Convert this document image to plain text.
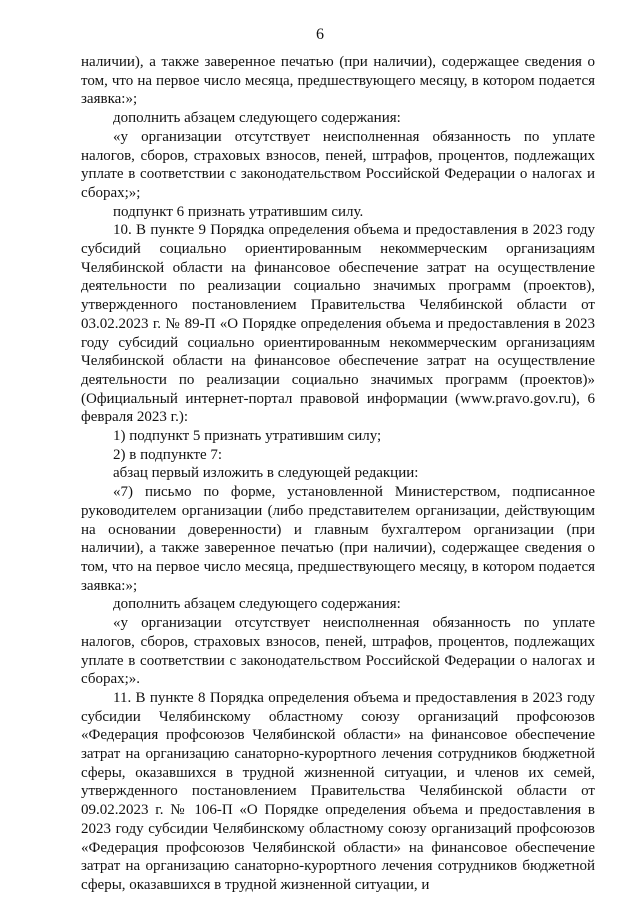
6

наличии), а также заверенное печатью (при наличии), содержащее сведения о том, что на первое число месяца, предшествующего месяцу, в котором подается заявка:»;

дополнить абзацем следующего содержания:

«у организации отсутствует неисполненная обязанность по уплате налогов, сборов, страховых взносов, пеней, штрафов, процентов, подлежащих уплате в соответствии с законодательством Российской Федерации о налогах и сборах;»;

подпункт 6 признать утратившим силу.

10. В пункте 9 Порядка определения объема и предоставления в 2023 году субсидий социально ориентированным некоммерческим организациям Челябинской области на финансовое обеспечение затрат на осуществление деятельности по реализации социально значимых программ (проектов), утвержденного постановлением Правительства Челябинской области от 03.02.2023 г. № 89-П «О Порядке определения объема и предоставления в 2023 году субсидий социально ориентированным некоммерческим организациям Челябинской области на финансовое обеспечение затрат на осуществление деятельности по реализации социально значимых программ (проектов)» (Официальный интернет-портал правовой информации (www.pravo.gov.ru), 6 февраля 2023 г.):

1) подпункт 5 признать утратившим силу;

2) в подпункте 7:

абзац первый изложить в следующей редакции:

«7) письмо по форме, установленной Министерством, подписанное руководителем организации (либо представителем организации, действующим на основании доверенности) и главным бухгалтером организации (при наличии), а также заверенное печатью (при наличии), содержащее сведения о том, что на первое число месяца, предшествующего месяцу, в котором подается заявка:»;

дополнить абзацем следующего содержания:

«у организации отсутствует неисполненная обязанность по уплате налогов, сборов, страховых взносов, пеней, штрафов, процентов, подлежащих уплате в соответствии с законодательством Российской Федерации о налогах и сборах;».

11. В пункте 8 Порядка определения объема и предоставления в 2023 году субсидии Челябинскому областному союзу организаций профсоюзов «Федерация профсоюзов Челябинской области» на финансовое обеспечение затрат на организацию санаторно-курортного лечения сотрудников бюджетной сферы, оказавшихся в трудной жизненной ситуации, и членов их семей, утвержденного постановлением Правительства Челябинской области от 09.02.2023 г. № 106-П «О Порядке определения объема и предоставления в 2023 году субсидии Челябинскому областному союзу организаций профсоюзов «Федерация профсоюзов Челябинской области» на финансовое обеспечение затрат на организацию санаторно-курортного лечения сотрудников бюджетной сферы, оказавшихся в трудной жизненной ситуации, и
